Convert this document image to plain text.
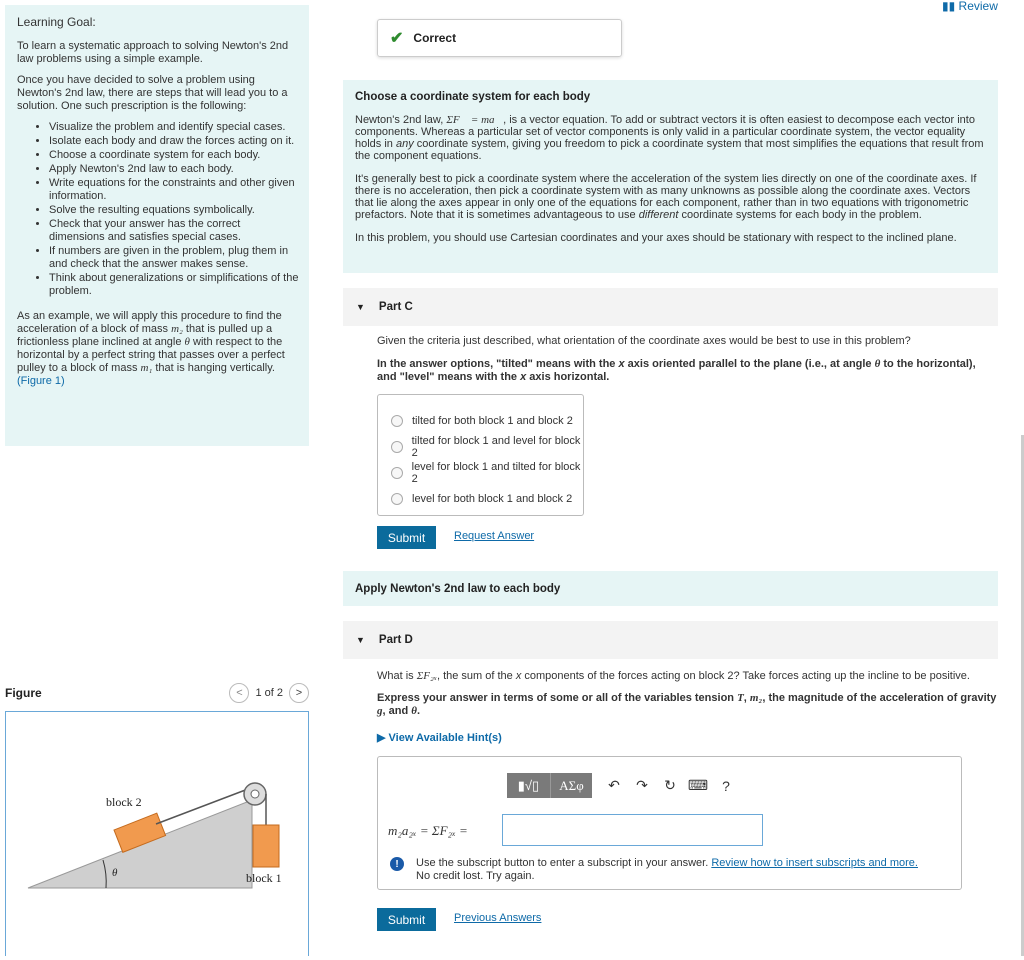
Learning Goal:

To learn a systematic approach to solving Newton's 2nd law problems using a simple example.

Once you have decided to solve a problem using Newton's 2nd law, there are steps that will lead you to a solution. One such prescription is the following:

• Visualize the problem and identify special cases.
• Isolate each body and draw the forces acting on it.
• Choose a coordinate system for each body.
• Apply Newton's 2nd law to each body.
• Write equations for the constraints and other given information.
• Solve the resulting equations symbolically.
• Check that your answer has the correct dimensions and satisfies special cases.
• If numbers are given in the problem, plug them in and check that the answer makes sense.
• Think about generalizations or simplifications of the problem.

As an example, we will apply this procedure to find the acceleration of a block of mass m₂ that is pulled up a frictionless plane inclined at angle θ with respect to the horizontal by a perfect string that passes over a perfect pulley to a block of mass m₁ that is hanging vertically.
(Figure 1)

Figure	<	1 of 2	>
block 2
block 1
θ
▮▮ Review
✔ Correct
Choose a coordinate system for each body

Newton's 2nd law, ΣF⃗ = ma⃗, is a vector equation. To add or subtract vectors it is often easiest to decompose each vector into components. Whereas a particular set of vector components is only valid in a particular coordinate system, the vector equality holds in any coordinate system, giving you freedom to pick a coordinate system that most simplifies the equations that result from the component equations.

It's generally best to pick a coordinate system where the acceleration of the system lies directly on one of the coordinate axes. If there is no acceleration, then pick a coordinate system with as many unknowns as possible along the coordinate axes. Vectors that lie along the axes appear in only one of the equations for each component, rather than in two equations with trigonometric prefactors. Note that it is sometimes advantageous to use different coordinate systems for each body in the problem.

In this problem, you should use Cartesian coordinates and your axes should be stationary with respect to the inclined plane.

▼ Part C
Given the criteria just described, what orientation of the coordinate axes would be best to use in this problem?
In the answer options, "tilted" means with the x axis oriented parallel to the plane (i.e., at angle θ to the horizontal), and "level" means with the x axis horizontal.
tilted for both block 1 and block 2
tilted for block 1 and level for block 2
level for block 1 and tilted for block 2
level for both block 1 and block 2
Submit	Request Answer
Apply Newton's 2nd law to each body
▼ Part D
What is ΣF₂ₓ, the sum of the x components of the forces acting on block 2? Take forces acting up the incline to be positive.
Express your answer in terms of some or all of the variables tension T, m₂, the magnitude of the acceleration of gravity g, and θ.
▶ View Available Hint(s)
▮√▯	ΑΣφ	↶	↷	↻ ⌨ ?
m₂a₂ₓ = ΣF₂ₓ =
!	Use the subscript button to enter a subscript in your answer. Review how to insert subscripts and more.
No credit lost. Try again.
Submit	Previous Answers
